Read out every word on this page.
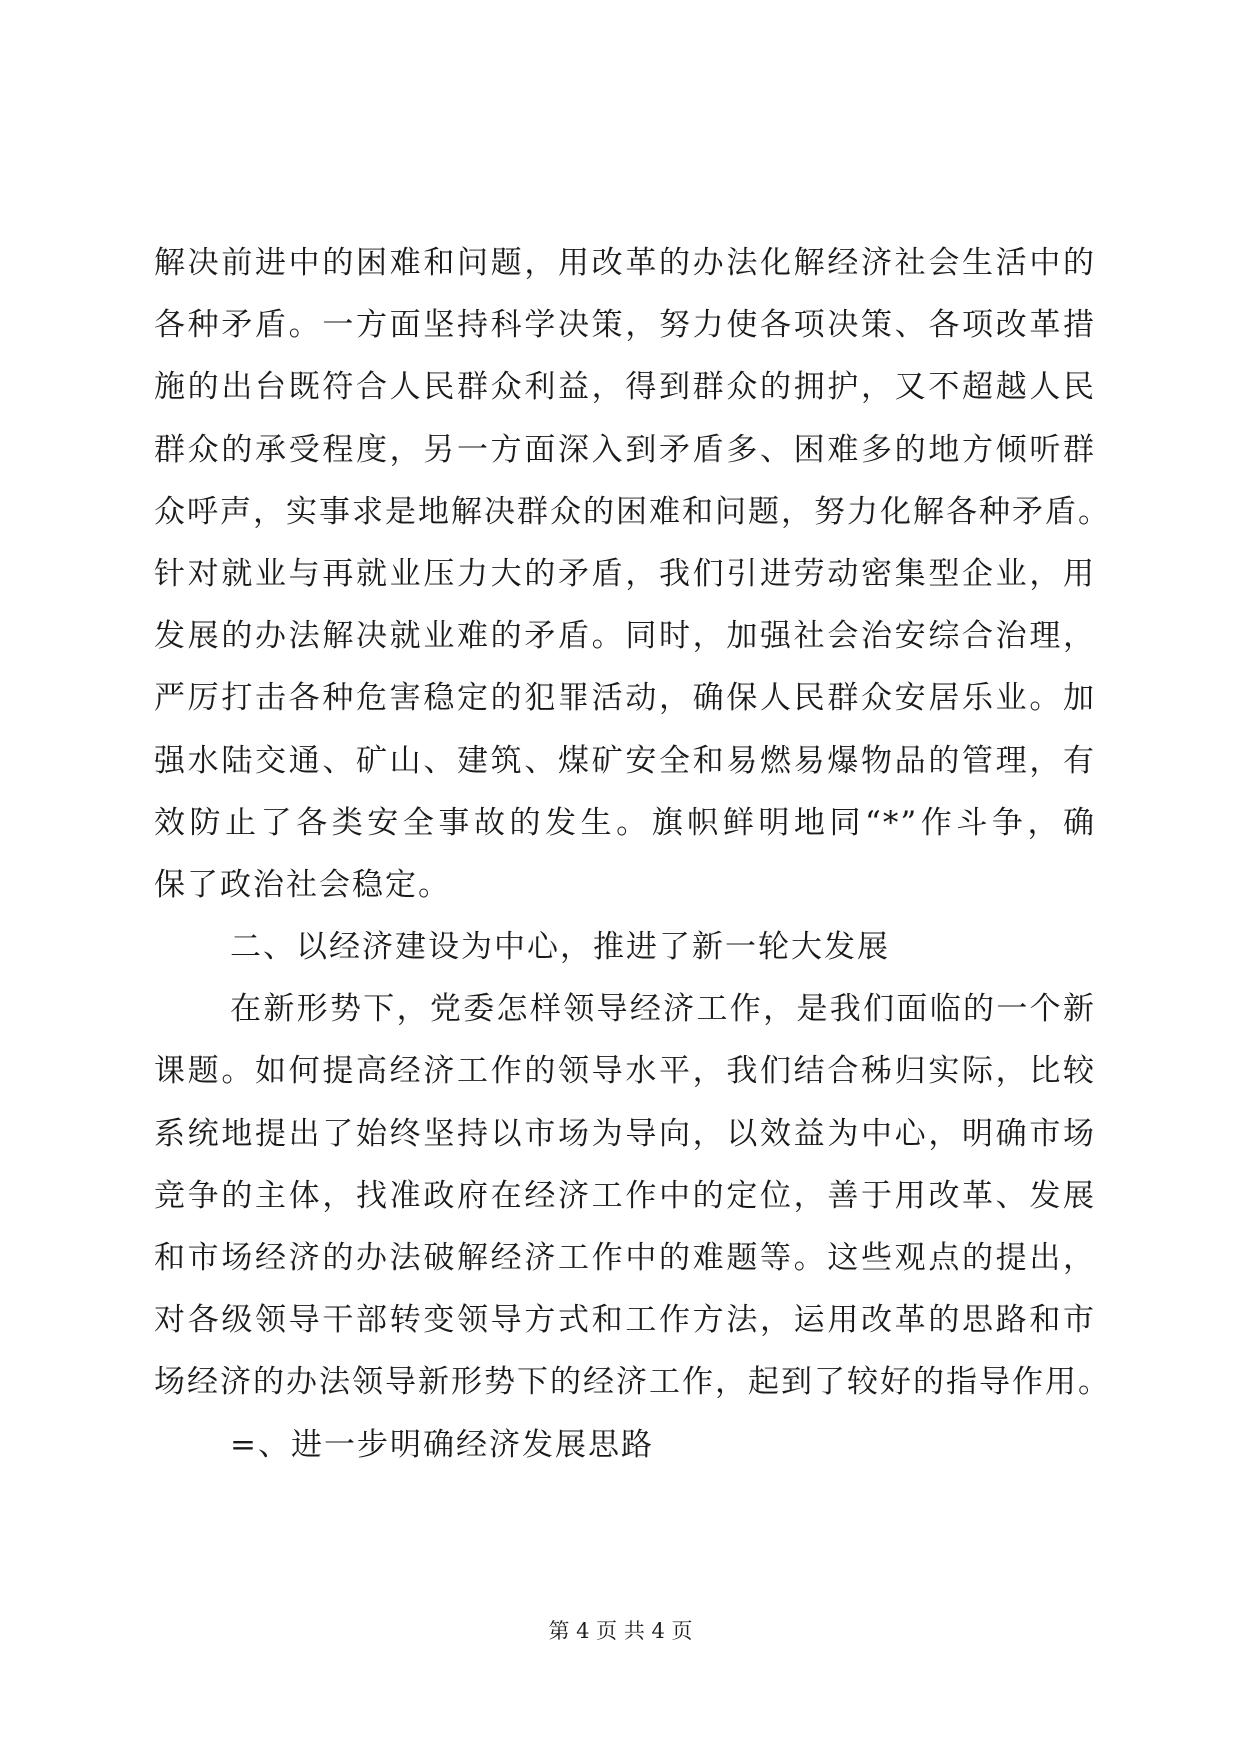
解决前进中的困难和问题，用改革的办法化解经济社会生活中的
各种矛盾。一方面坚持科学决策，努力使各项决策、各项改革措
施的出台既符合人民群众利益，得到群众的拥护，又不超越人民
群众的承受程度，另一方面深入到矛盾多、困难多的地方倾听群
众呼声，实事求是地解决群众的困难和问题，努力化解各种矛盾。
针对就业与再就业压力大的矛盾，我们引进劳动密集型企业，用
发展的办法解决就业难的矛盾。同时，加强社会治安综合治理，
严厉打击各种危害稳定的犯罪活动，确保人民群众安居乐业。加
强水陆交通、矿山、建筑、煤矿安全和易燃易爆物品的管理，有
效防止了各类安全事故的发生。旗帜鲜明地同“*”作斗争，确
保了政治社会稳定。
二、以经济建设为中心，推进了新一轮大发展
在新形势下，党委怎样领导经济工作，是我们面临的一个新
课题。如何提高经济工作的领导水平，我们结合秭归实际，比较
系统地提出了始终坚持以市场为导向，以效益为中心，明确市场
竞争的主体，找准政府在经济工作中的定位，善于用改革、发展
和市场经济的办法破解经济工作中的难题等。这些观点的提出，
对各级领导干部转变领导方式和工作方法，运用改革的思路和市
场经济的办法领导新形势下的经济工作，起到了较好的指导作用。
=、进一步明确经济发展思路
第 4 页 共 4 页
